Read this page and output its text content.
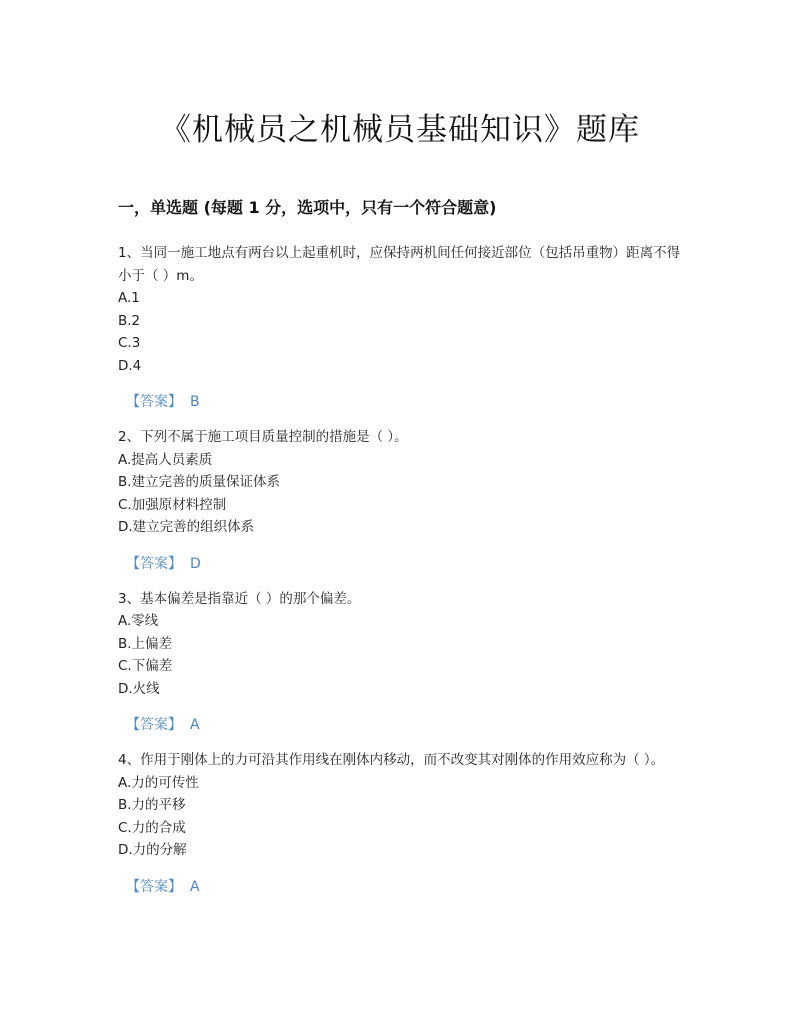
《机械员之机械员基础知识》题库
一，单选题 (每题 1 分，选项中，只有一个符合题意)
1、当同一施工地点有两台以上起重机时，应保持两机间任何接近部位（包括吊重物）距离不得小于（ ）m。
A.1
B.2
C.3
D.4
【答案】 B
2、下列不属于施工项目质量控制的措施是（ ）。
A.提高人员素质
B.建立完善的质量保证体系
C.加强原材料控制
D.建立完善的组织体系
【答案】 D
3、基本偏差是指靠近（ ）的那个偏差。
A.零线
B.上偏差
C.下偏差
D.火线
【答案】 A
4、作用于刚体上的力可沿其作用线在刚体内移动，而不改变其对刚体的作用效应称为（ ）。
A.力的可传性
B.力的平移
C.力的合成
D.力的分解
【答案】 A
